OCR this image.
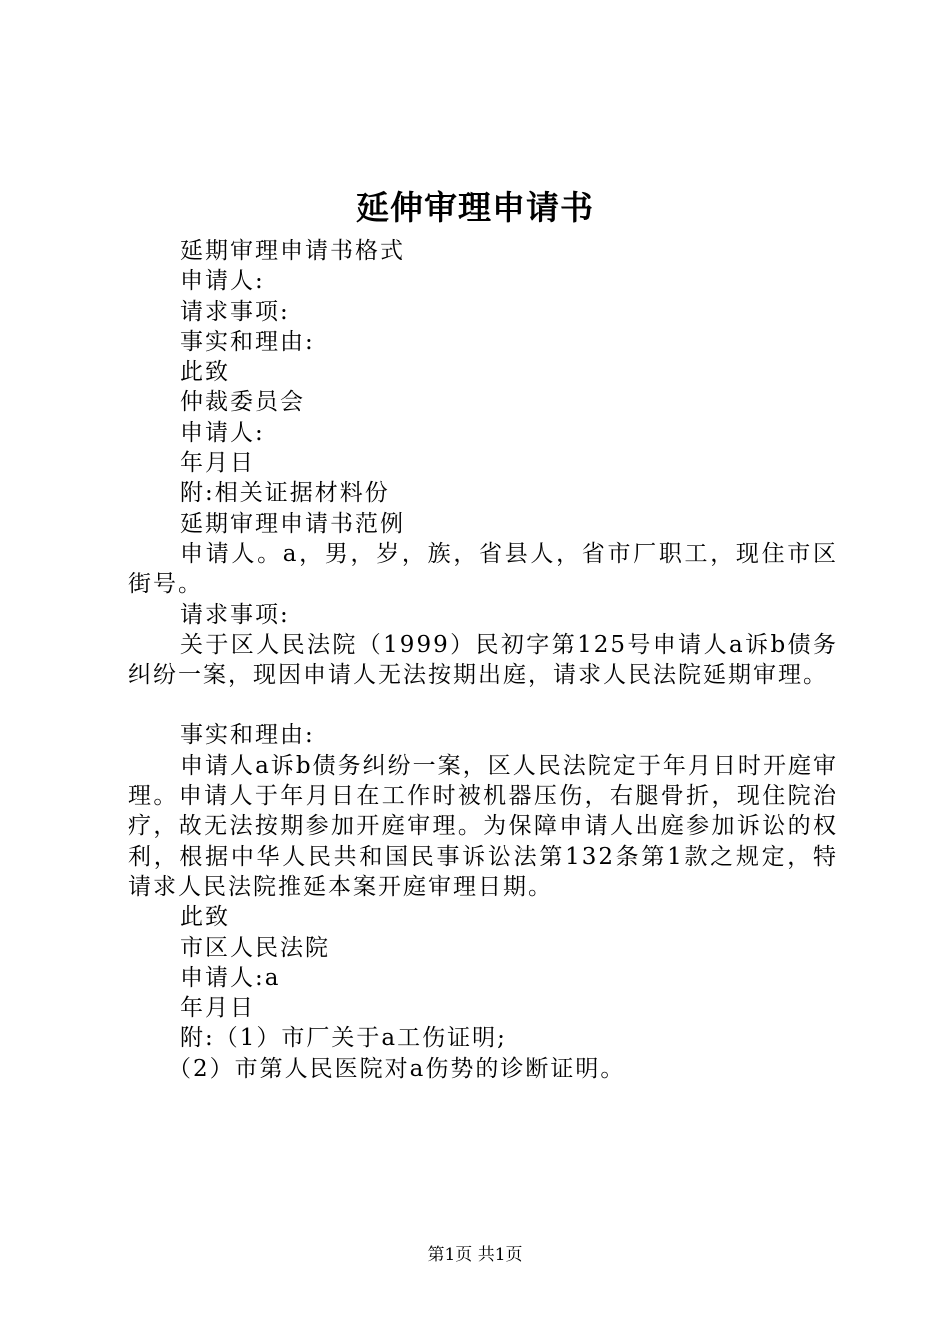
延伸审理申请书

延期审理申请书格式

申请人:

请求事项:

事实和理由:

此致

仲裁委员会

申请人:

年月日

附:相关证据材料份

延期审理申请书范例

申请人。a，男，岁，族，省县人，省市厂职工，现住市区街号。

请求事项:

关于区人民法院（1999）民初字第125号申请人a诉b债务纠纷一案，现因申请人无法按期出庭，请求人民法院延期审理。

事实和理由:

申请人a诉b债务纠纷一案，区人民法院定于年月日时开庭审理。申请人于年月日在工作时被机器压伤，右腿骨折，现住院治疗，故无法按期参加开庭审理。为保障申请人出庭参加诉讼的权利，根据中华人民共和国民事诉讼法第132条第1款之规定，特请求人民法院推延本案开庭审理日期。

此致

市区人民法院

申请人:a

年月日

附:（1）市厂关于a工伤证明;

（2）市第人民医院对a伤势的诊断证明。

第1页 共1页
